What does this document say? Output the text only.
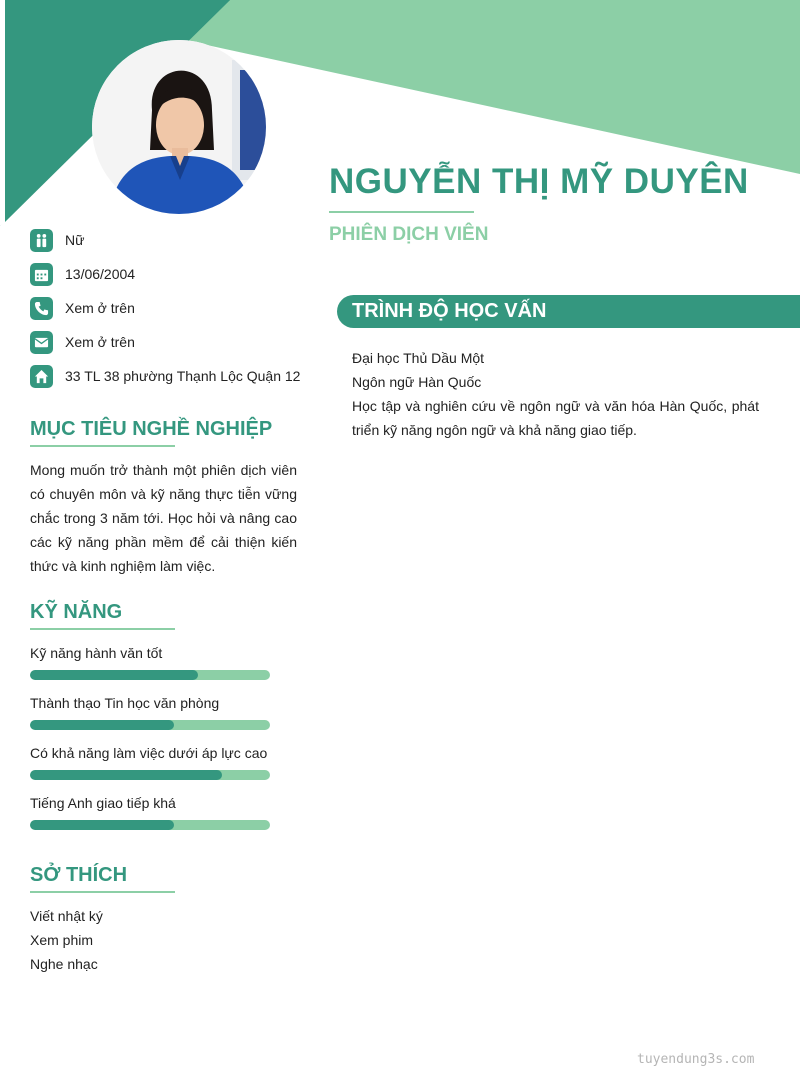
NGUYỄN THỊ MỸ DUYÊN
PHIÊN DỊCH VIÊN
Nữ
13/06/2004
Xem ở trên
Xem ở trên
33 TL 38 phường Thạnh Lộc Quận 12
MỤC TIÊU NGHỀ NGHIỆP
Mong muốn trở thành một phiên dịch viên có chuyên môn và kỹ năng thực tiễn vững chắc trong 3 năm tới. Học hỏi và nâng cao các kỹ năng phần mềm để cải thiện kiến thức và kinh nghiệm làm việc.
KỸ NĂNG
Kỹ năng hành văn tốt
Thành thạo Tin học văn phòng
Có khả năng làm việc dưới áp lực cao
Tiếng Anh giao tiếp khá
SỞ THÍCH
Viết nhật ký
Xem phim
Nghe nhạc
TRÌNH ĐỘ HỌC VẤN
Đại học Thủ Dầu Một
Ngôn ngữ Hàn Quốc
Học tập và nghiên cứu về ngôn ngữ và văn hóa Hàn Quốc, phát triển kỹ năng ngôn ngữ và khả năng giao tiếp.
tuyendung3s.com
